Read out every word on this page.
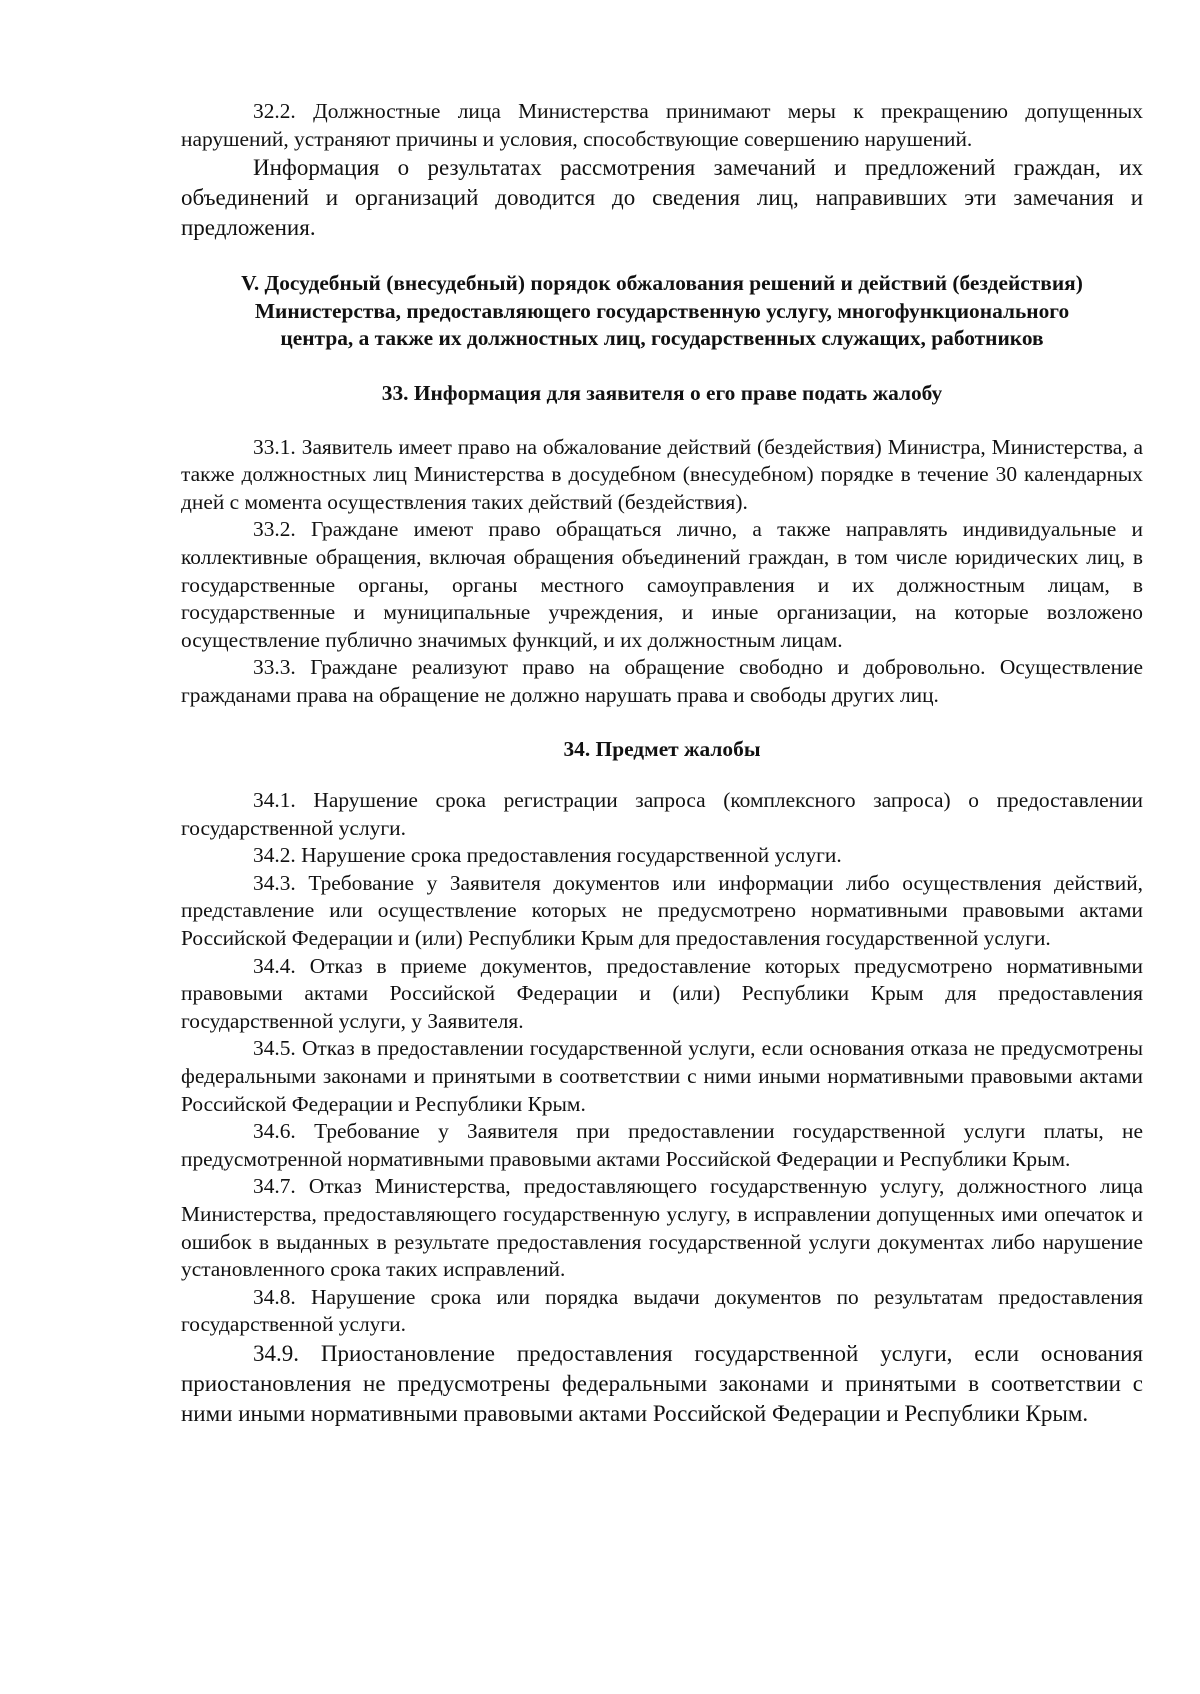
32.2. Должностные лица Министерства принимают меры к прекращению допущенных нарушений, устраняют причины и условия, способствующие совершению нарушений.

Информация о результатах рассмотрения замечаний и предложений граждан, их объединений и организаций доводится до сведения лиц, направивших эти замечания и предложения.

V. Досудебный (внесудебный) порядок обжалования решений и действий (бездействия) Министерства, предоставляющего государственную услугу, многофункционального центра, а также их должностных лиц, государственных служащих, работников
33. Информация для заявителя о его праве подать жалобу

33.1. Заявитель имеет право на обжалование действий (бездействия) Министра, Министерства, а также должностных лиц Министерства в досудебном (внесудебном) порядке в течение 30 календарных дней с момента осуществления таких действий (бездействия).

33.2. Граждане имеют право обращаться лично, а также направлять индивидуальные и коллективные обращения, включая обращения объединений граждан, в том числе юридических лиц, в государственные органы, органы местного самоуправления и их должностным лицам, в государственные и муниципальные учреждения, и иные организации, на которые возложено осуществление публично значимых функций, и их должностным лицам.

33.3. Граждане реализуют право на обращение свободно и добровольно. Осуществление гражданами права на обращение не должно нарушать права и свободы других лиц.

34. Предмет жалобы

34.1. Нарушение срока регистрации запроса (комплексного запроса) о предоставлении государственной услуги.

34.2. Нарушение срока предоставления государственной услуги.

34.3. Требование у Заявителя документов или информации либо осуществления действий, представление или осуществление которых не предусмотрено нормативными правовыми актами Российской Федерации и (или) Республики Крым для предоставления государственной услуги.

34.4. Отказ в приеме документов, предоставление которых предусмотрено нормативными правовыми актами Российской Федерации и (или) Республики Крым для предоставления государственной услуги, у Заявителя.

34.5. Отказ в предоставлении государственной услуги, если основания отказа не предусмотрены федеральными законами и принятыми в соответствии с ними иными нормативными правовыми актами Российской Федерации и Республики Крым.

34.6. Требование у Заявителя при предоставлении государственной услуги платы, не предусмотренной нормативными правовыми актами Российской Федерации и Республики Крым.

34.7. Отказ Министерства, предоставляющего государственную услугу, должностного лица Министерства, предоставляющего государственную услугу, в исправлении допущенных ими опечаток и ошибок в выданных в результате предоставления государственной услуги документах либо нарушение установленного срока таких исправлений.

34.8. Нарушение срока или порядка выдачи документов по результатам предоставления государственной услуги.

34.9. Приостановление предоставления государственной услуги, если основания приостановления не предусмотрены федеральными законами и принятыми в соответствии с ними иными нормативными правовыми актами Российской Федерации и Республики Крым.
